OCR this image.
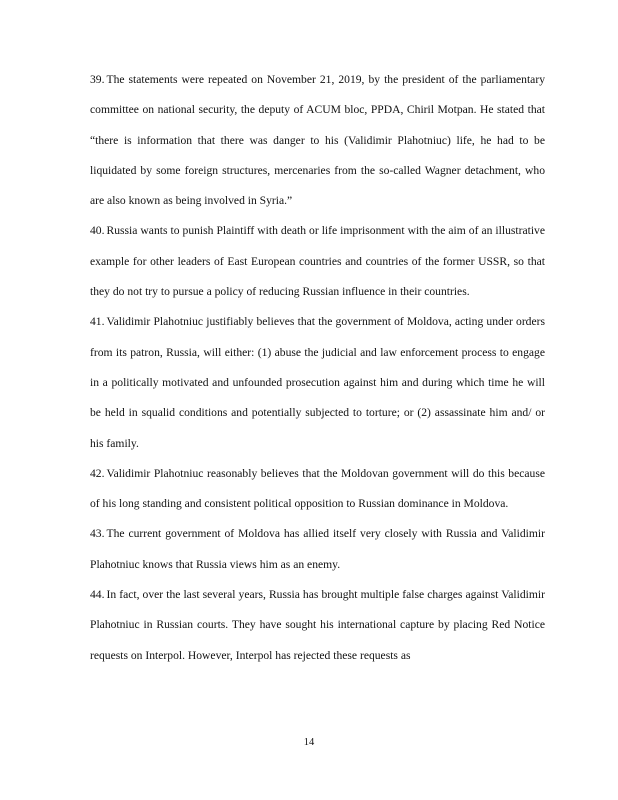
39. The statements were repeated on November 21, 2019, by the president of the parliamentary committee on national security, the deputy of ACUM bloc, PPDA, Chiril Motpan. He stated that “there is information that there was danger to his (Validimir Plahotniuc) life, he had to be liquidated by some foreign structures, mercenaries from the so-called Wagner detachment, who are also known as being involved in Syria.”

40. Russia wants to punish Plaintiff with death or life imprisonment with the aim of an illustrative example for other leaders of East European countries and countries of the former USSR, so that they do not try to pursue a policy of reducing Russian influence in their countries.

41. Validimir Plahotniuc justifiably believes that the government of Moldova, acting under orders from its patron, Russia, will either: (1) abuse the judicial and law enforcement process to engage in a politically motivated and unfounded prosecution against him and during which time he will be held in squalid conditions and potentially subjected to torture; or (2) assassinate him and/ or his family.

42. Validimir Plahotniuc reasonably believes that the Moldovan government will do this because of his long standing and consistent political opposition to Russian dominance in Moldova.

43. The current government of Moldova has allied itself very closely with Russia and Validimir Plahotniuc knows that Russia views him as an enemy.

44. In fact, over the last several years, Russia has brought multiple false charges against Validimir Plahotniuc in Russian courts. They have sought his international capture by placing Red Notice requests on Interpol. However, Interpol has rejected these requests as

14
